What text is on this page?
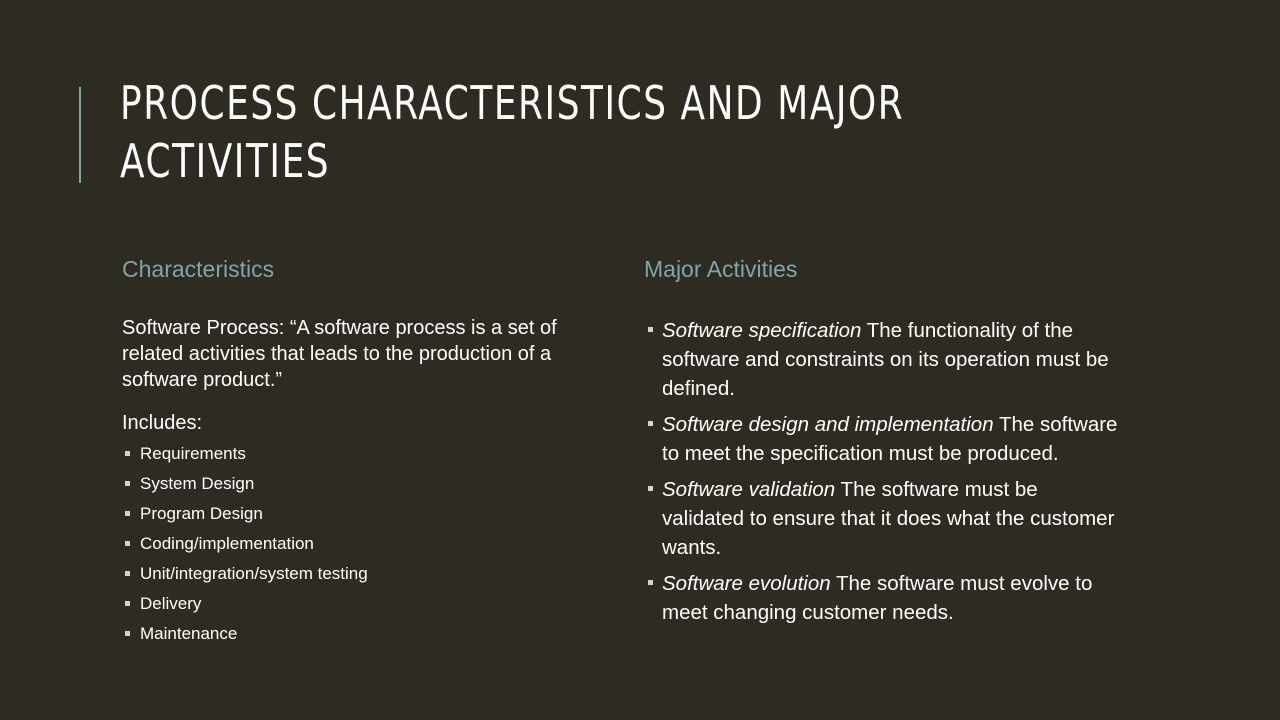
PROCESS CHARACTERISTICS AND MAJOR ACTIVITIES
Characteristics	Major Activities

Software Process: “A software process is a set of related activities that leads to the production of a software product.”

Includes:

Requirements
System Design
Program Design
Coding/implementation
Unit/integration/system testing
Delivery
Maintenance
Software specification The functionality of the software and constraints on its operation must be defined.
Software design and implementation The software to meet the specification must be produced.
Software validation The software must be validated to ensure that it does what the customer wants.
Software evolution The software must evolve to meet changing customer needs.
